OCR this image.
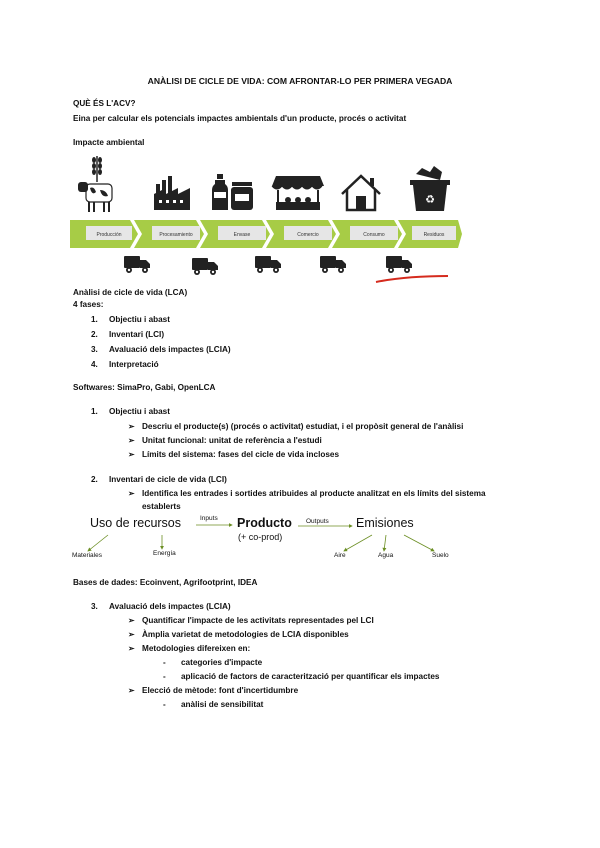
ANÀLISI DE CICLE DE VIDA: COM AFRONTAR-LO PER PRIMERA VEGADA
QUÈ ÉS L'ACV?
Eina per calcular els potencials impactes ambientals d'un producte, procés o activitat
Impacte ambiental
Producción	Procesamiento	Envase	Comercio	Consumo	Residuos
♻
Anàlisi de cicle de vida (LCA)
4 fases:
1. Objectiu i abast
2. Inventari (LCI)
3. Avaluació dels impactes (LCIA)
4. Interpretació
Softwares: SimaPro, Gabi, OpenLCA
1. Objectiu i abast
➢ Descriu el producte(s) (procés o activitat) estudiat, i el propòsit general de l'anàlisi
➢ Unitat funcional: unitat de referència a l'estudi
➢ Límits del sistema: fases del cicle de vida incloses
2. Inventari de cicle de vida (LCI)
➢ Identifica les entrades i sortides atribuides al producte analitzat en els límits del sistema
establerts
Uso de recursos	Inputs Producto
(+ co-prod)
Outputs Emisiones
Materiales	Energía	Aire	Agua	Suelo
Bases de dades: Ecoinvent, Agrifootprint, IDEA
3. Avaluació dels impactes (LCIA)
➢ Quantificar l'impacte de les activitats representades pel LCI
➢ Àmplia varietat de metodologies de LCIA disponibles
➢ Metodologies difereixen en:
- categories d'impacte
- aplicació de factors de caracterització per quantificar els impactes
➢ Elecció de mètode: font d'incertidumbre
- anàlisi de sensibilitat
